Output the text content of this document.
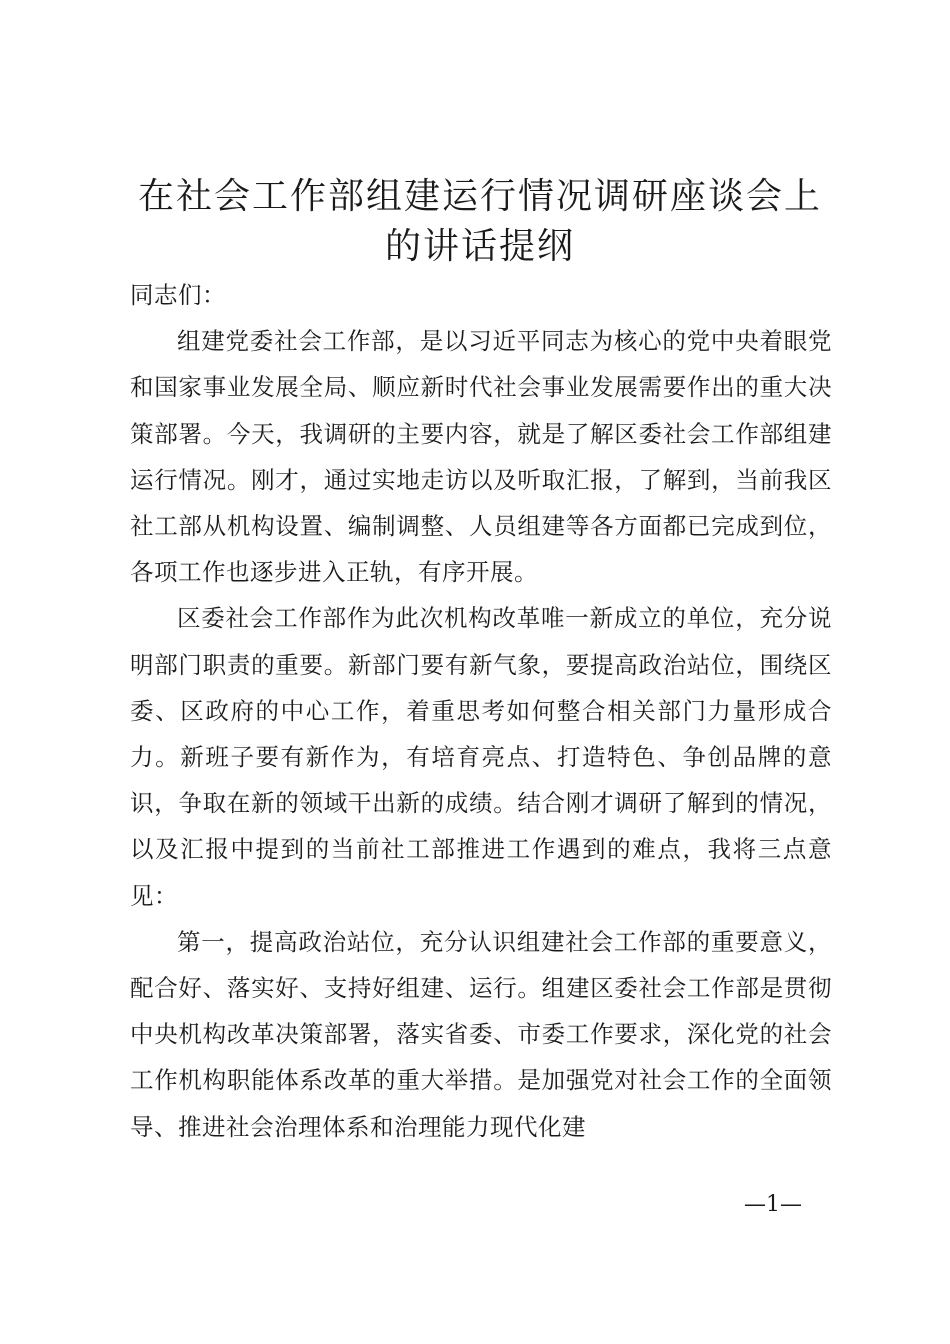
在社会工作部组建运行情况调研座谈会上的讲话提纲

同志们：

组建党委社会工作部，是以习近平同志为核心的党中央着眼党和国家事业发展全局、顺应新时代社会事业发展需要作出的重大决策部署。今天，我调研的主要内容，就是了解区委社会工作部组建运行情况。刚才，通过实地走访以及听取汇报，了解到，当前我区社工部从机构设置、编制调整、人员组建等各方面都已完成到位，各项工作也逐步进入正轨，有序开展。

区委社会工作部作为此次机构改革唯一新成立的单位，充分说明部门职责的重要。新部门要有新气象，要提高政治站位，围绕区委、区政府的中心工作，着重思考如何整合相关部门力量形成合力。新班子要有新作为，有培育亮点、打造特色、争创品牌的意识，争取在新的领域干出新的成绩。结合刚才调研了解到的情况，以及汇报中提到的当前社工部推进工作遇到的难点，我将三点意见：

第一，提高政治站位，充分认识组建社会工作部的重要意义，配合好、落实好、支持好组建、运行。组建区委社会工作部是贯彻中央机构改革决策部署，落实省委、市委工作要求，深化党的社会工作机构职能体系改革的重大举措。是加强党对社会工作的全面领导、推进社会治理体系和治理能力现代化建

—1—
